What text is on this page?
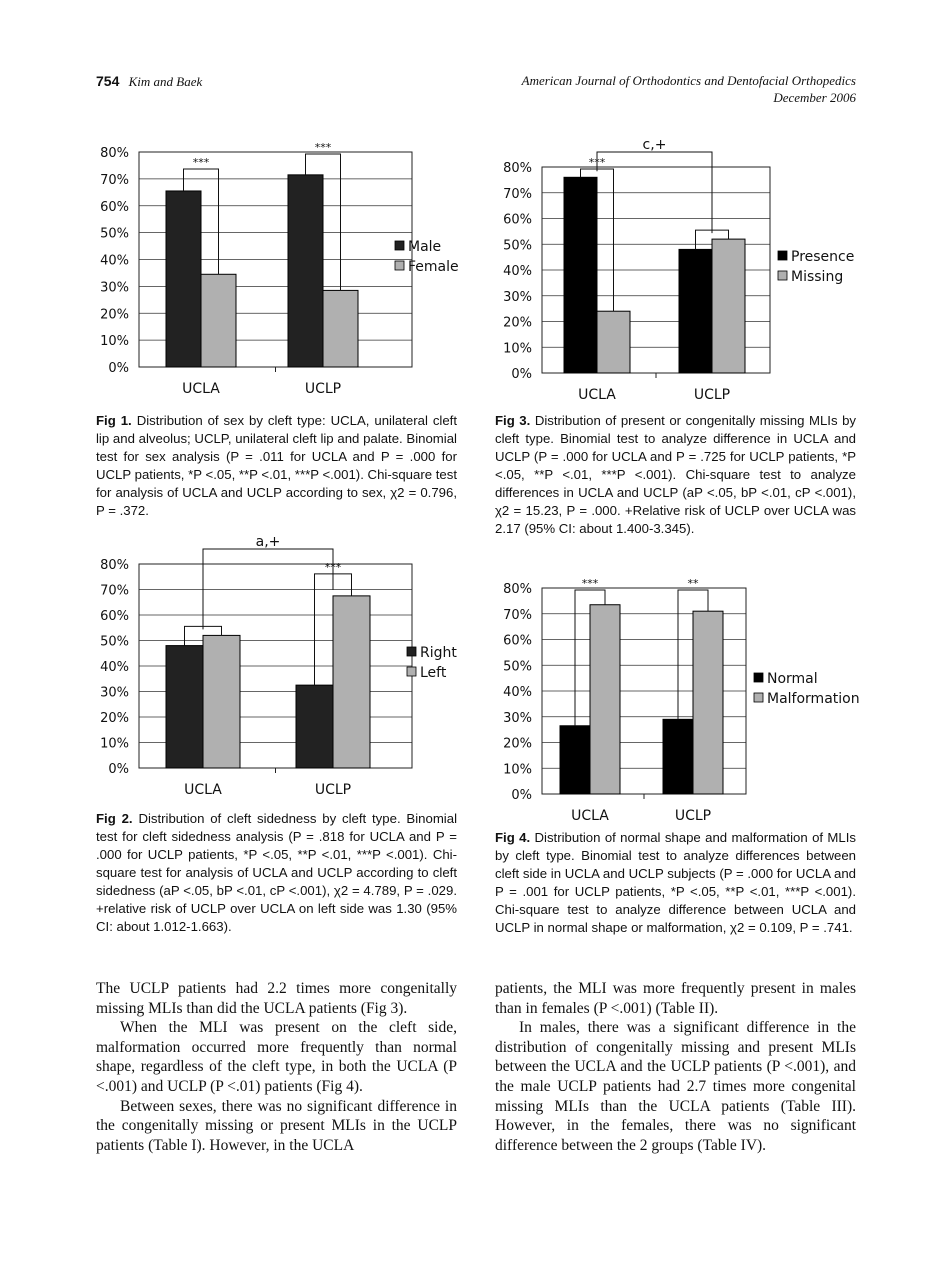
754 Kim and Baek	American Journal of Orthodontics and Dentofacial Orthopedics
December 2006
0%
10%
20%
30%
40%
50%
60%
70%
80%
UCLA	UCLP
Male
Female
***
***
0%
10%
20%
30%
40%
50%
60%
70%
80%
UCLA	UCLP
Right
Left
***
a,+
0%
10%
20%
30%
40%
50%
60%
70%
80%
UCLA	UCLP
Presence
Missing
***
c,+
0%
10%
20%
30%
40%
50%
60%
70%
80%
UCLA	UCLP
Normal
Malformation
***	**
Fig 1. Distribution of sex by cleft type: UCLA, unilateral cleft lip and alveolus; UCLP, unilateral cleft lip and palate. Binomial test for sex analysis (P = .011 for UCLA and P = .000 for UCLP patients, *P <.05, **P <.01, ***P <.001). Chi-square test for analysis of UCLA and UCLP according to sex, χ2 = 0.796, P = .372.
Fig 2. Distribution of cleft sidedness by cleft type. Binomial test for cleft sidedness analysis (P = .818 for UCLA and P = .000 for UCLP patients, *P <.05, **P <.01, ***P <.001). Chi-square test for analysis of UCLA and UCLP according to cleft sidedness (aP <.05, bP <.01, cP <.001), χ2 = 4.789, P = .029. +relative risk of UCLP over UCLA on left side was 1.30 (95% CI: about 1.012-1.663).
Fig 3. Distribution of present or congenitally missing MLIs by cleft type. Binomial test to analyze difference in UCLA and UCLP (P = .000 for UCLA and P = .725 for UCLP patients, *P <.05, **P <.01, ***P <.001). Chi-square test to analyze differences in UCLA and UCLP (aP <.05, bP <.01, cP <.001), χ2 = 15.23, P = .000. +Relative risk of UCLP over UCLA was 2.17 (95% CI: about 1.400-3.345).
Fig 4. Distribution of normal shape and malformation of MLIs by cleft type. Binomial test to analyze differences between cleft side in UCLA and UCLP subjects (P = .000 for UCLA and P = .001 for UCLP patients, *P <.05, **P <.01, ***P <.001). Chi-square test to analyze difference between UCLA and UCLP in normal shape or malformation, χ2 = 0.109, P = .741.

The UCLP patients had 2.2 times more congenitally missing MLIs than did the UCLA patients (Fig 3).

When the MLI was present on the cleft side, malformation occurred more frequently than normal shape, regardless of the cleft type, in both the UCLA (P <.001) and UCLP (P <.01) patients (Fig 4).

Between sexes, there was no significant difference in the congenitally missing or present MLIs in the UCLP patients (Table I). However, in the UCLA

patients, the MLI was more frequently present in males than in females (P <.001) (Table II).

In males, there was a significant difference in the distribution of congenitally missing and present MLIs between the UCLA and the UCLP patients (P <.001), and the male UCLP patients had 2.7 times more congenital missing MLIs than the UCLA patients (Table III). However, in the females, there was no significant difference between the 2 groups (Table IV).
